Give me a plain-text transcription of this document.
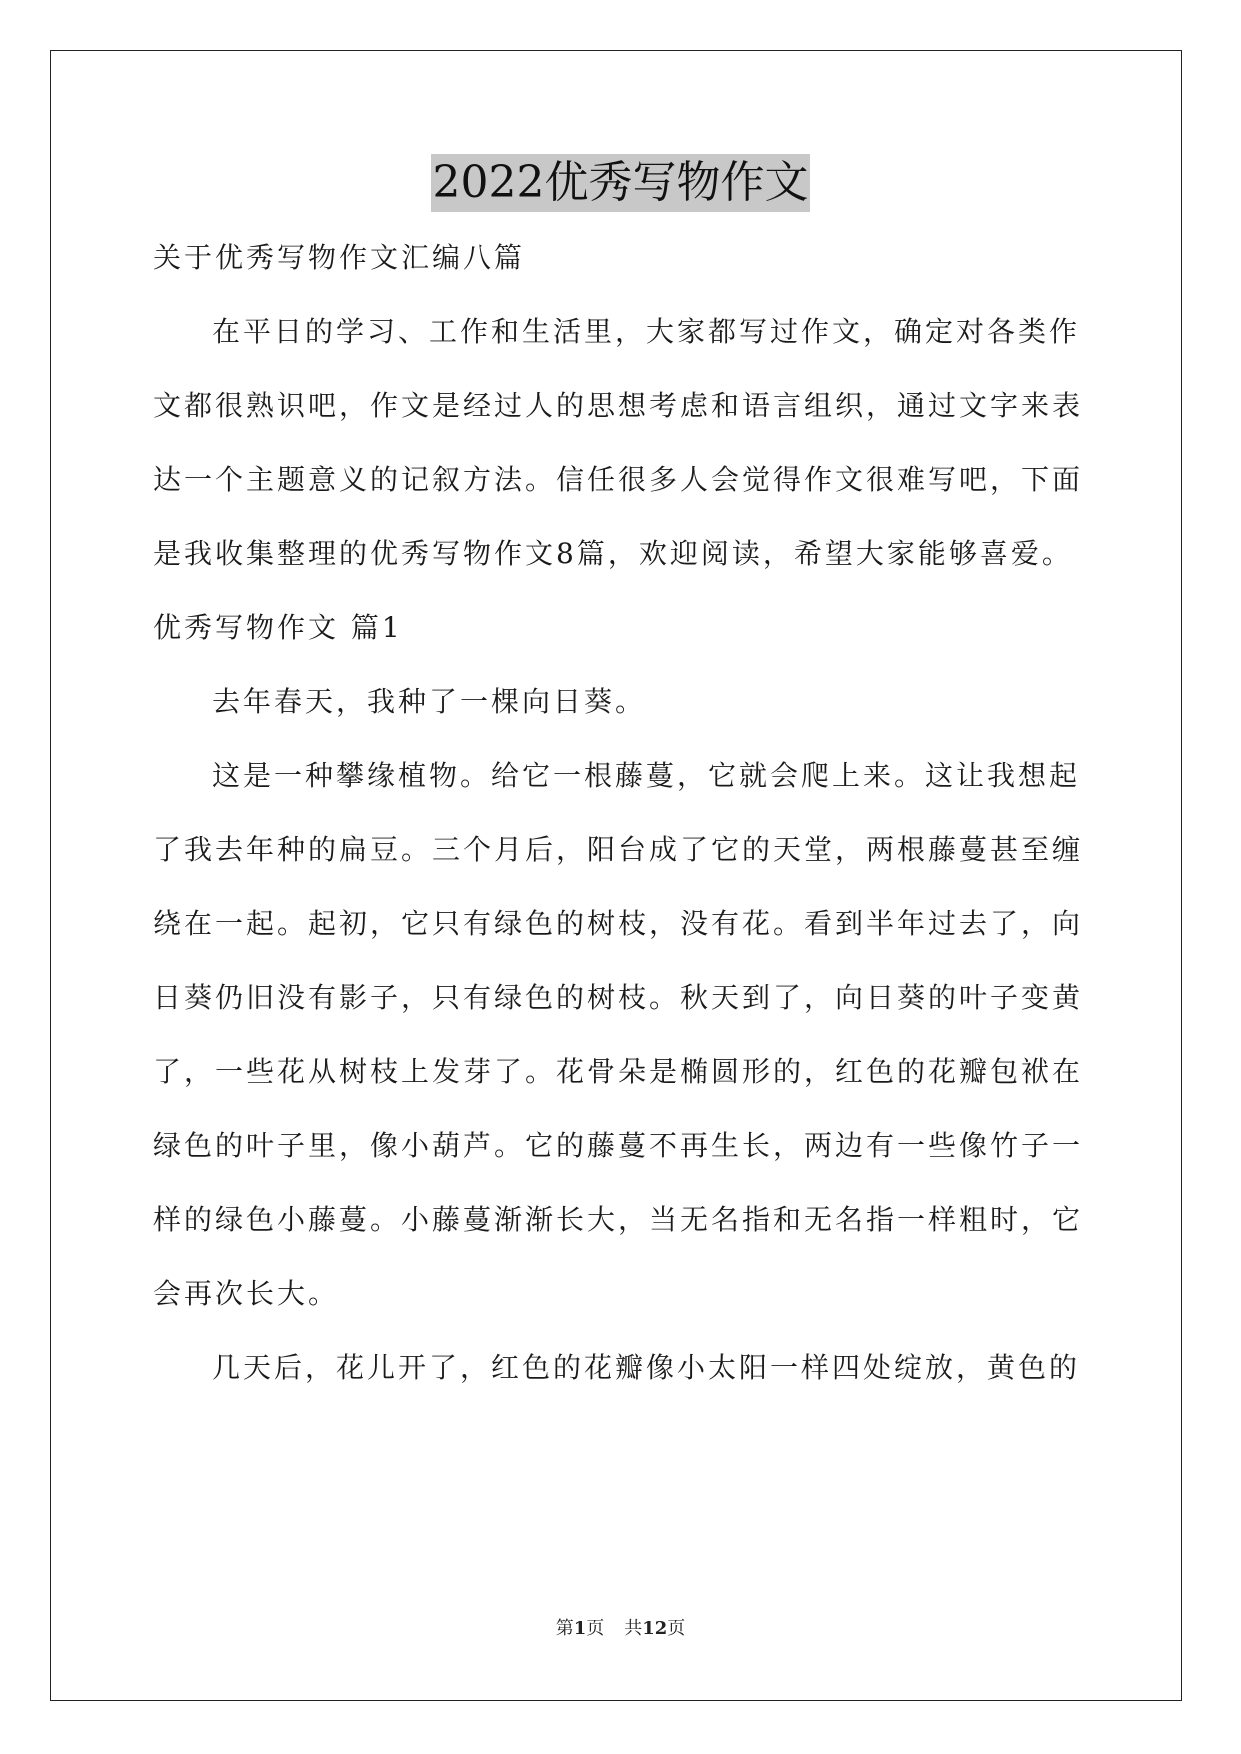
2022优秀写物作文
关于优秀写物作文汇编八篇
在平日的学习、工作和生活里，大家都写过作文，确定对各类作
文都很熟识吧，作文是经过人的思想考虑和语言组织，通过文字来表
达一个主题意义的记叙方法。信任很多人会觉得作文很难写吧，下面
是我收集整理的优秀写物作文8篇，欢迎阅读，希望大家能够喜爱。
优秀写物作文 篇1
去年春天，我种了一棵向日葵。
这是一种攀缘植物。给它一根藤蔓，它就会爬上来。这让我想起
了我去年种的扁豆。三个月后，阳台成了它的天堂，两根藤蔓甚至缠
绕在一起。起初，它只有绿色的树枝，没有花。看到半年过去了，向
日葵仍旧没有影子，只有绿色的树枝。秋天到了，向日葵的叶子变黄
了，一些花从树枝上发芽了。花骨朵是椭圆形的，红色的花瓣包袱在
绿色的叶子里，像小葫芦。它的藤蔓不再生长，两边有一些像竹子一
样的绿色小藤蔓。小藤蔓渐渐长大，当无名指和无名指一样粗时，它
会再次长大。
几天后，花儿开了，红色的花瓣像小太阳一样四处绽放，黄色的
第1页 共12页
